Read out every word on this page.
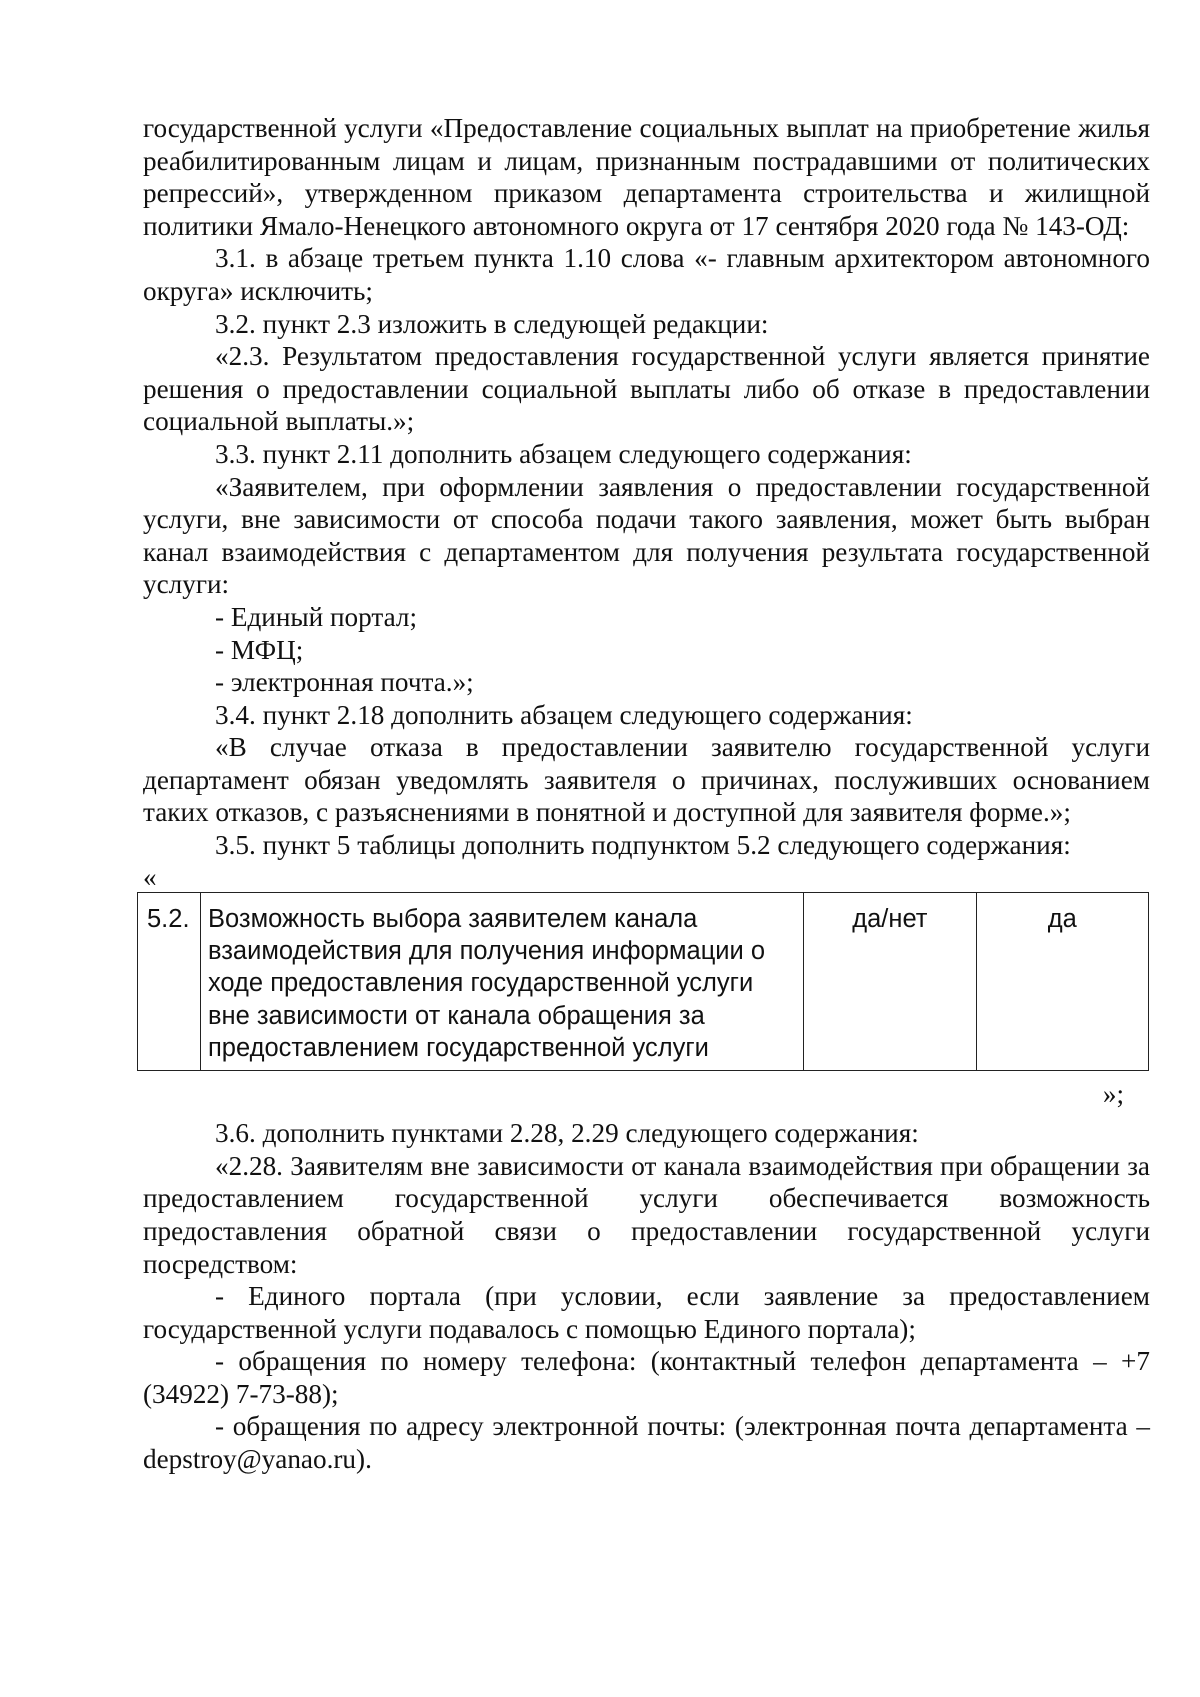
государственной услуги «Предоставление социальных выплат на приобретение жилья реабилитированным лицам и лицам, признанным пострадавшими от политических репрессий», утвержденном приказом департамента строительства и жилищной политики Ямало-Ненецкого автономного округа от 17 сентября 2020 года № 143-ОД:

3.1. в абзаце третьем пункта 1.10 слова «- главным архитектором автономного округа» исключить;

3.2. пункт 2.3 изложить в следующей редакции:

«2.3. Результатом предоставления государственной услуги является принятие решения о предоставлении социальной выплаты либо об отказе в предоставлении социальной выплаты.»;

3.3. пункт 2.11 дополнить абзацем следующего содержания:

«Заявителем, при оформлении заявления о предоставлении государственной услуги, вне зависимости от способа подачи такого заявления, может быть выбран канал взаимодействия с департаментом для получения результата государственной услуги:

- Единый портал;

- МФЦ;

- электронная почта.»;

3.4. пункт 2.18 дополнить абзацем следующего содержания:

«В случае отказа в предоставлении заявителю государственной услуги департамент обязан уведомлять заявителя о причинах, послуживших основанием таких отказов, с разъяснениями в понятной и доступной для заявителя форме.»;

3.5. пункт 5 таблицы дополнить подпунктом 5.2 следующего содержания:

«

5.2.	Возможность выбора заявителем канала взаимодействия для получения информации о ходе предоставления государственной услуги вне зависимости от канала обращения за предоставлением государственной услуги	да/нет	да

»;

3.6. дополнить пунктами 2.28, 2.29 следующего содержания:

«2.28. Заявителям вне зависимости от канала взаимодействия при обращении за предоставлением государственной услуги обеспечивается возможность предоставления обратной связи о предоставлении государственной услуги посредством:

- Единого портала (при условии, если заявление за предоставлением государственной услуги подавалось с помощью Единого портала);

- обращения по номеру телефона: (контактный телефон департамента – +7 (34922) 7-73-88);

- обращения по адресу электронной почты: (электронная почта департамента – depstroy@yanao.ru).
